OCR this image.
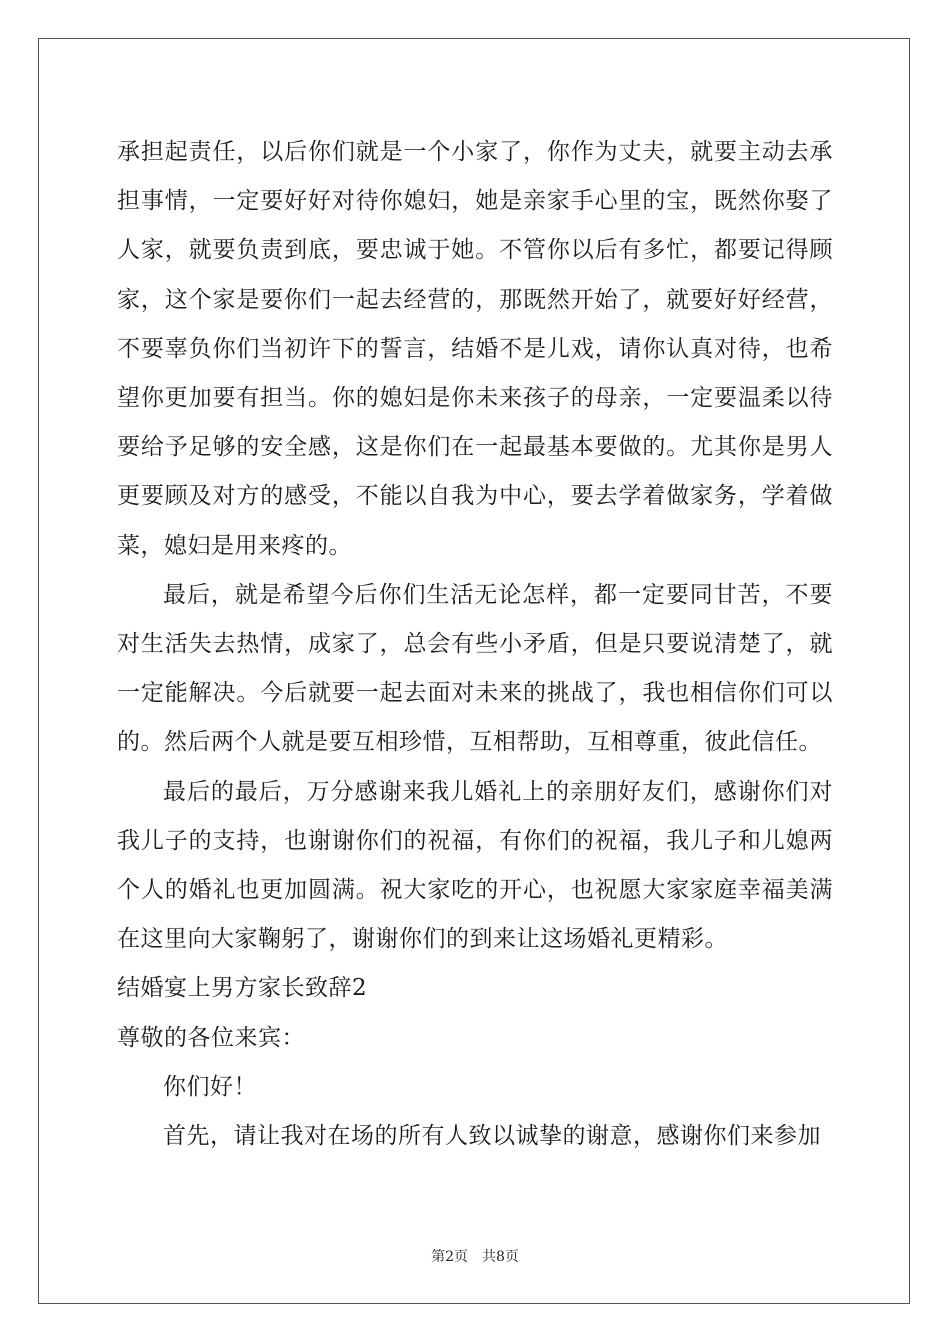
承担起责任，以后你们就是一个小家了，你作为丈夫，就要主动去承担事情，一定要好好对待你媳妇，她是亲家手心里的宝，既然你娶了人家，就要负责到底，要忠诚于她。不管你以后有多忙，都要记得顾家，这个家是要你们一起去经营的，那既然开始了，就要好好经营，不要辜负你们当初许下的誓言，结婚不是儿戏，请你认真对待，也希望你更加要有担当。你的媳妇是你未来孩子的母亲，一定要温柔以待要给予足够的安全感，这是你们在一起最基本要做的。尤其你是男人更要顾及对方的感受，不能以自我为中心，要去学着做家务，学着做菜，媳妇是用来疼的。

最后，就是希望今后你们生活无论怎样，都一定要同甘苦，不要对生活失去热情，成家了，总会有些小矛盾，但是只要说清楚了，就一定能解决。今后就要一起去面对未来的挑战了，我也相信你们可以的。然后两个人就是要互相珍惜，互相帮助，互相尊重，彼此信任。

最后的最后，万分感谢来我儿婚礼上的亲朋好友们，感谢你们对我儿子的支持，也谢谢你们的祝福，有你们的祝福，我儿子和儿媳两个人的婚礼也更加圆满。祝大家吃的开心，也祝愿大家家庭幸福美满在这里向大家鞠躬了，谢谢你们的到来让这场婚礼更精彩。

结婚宴上男方家长致辞2

尊敬的各位来宾：

你们好！

首先，请让我对在场的所有人致以诚挚的谢意，感谢你们来参加

第2页　共8页
